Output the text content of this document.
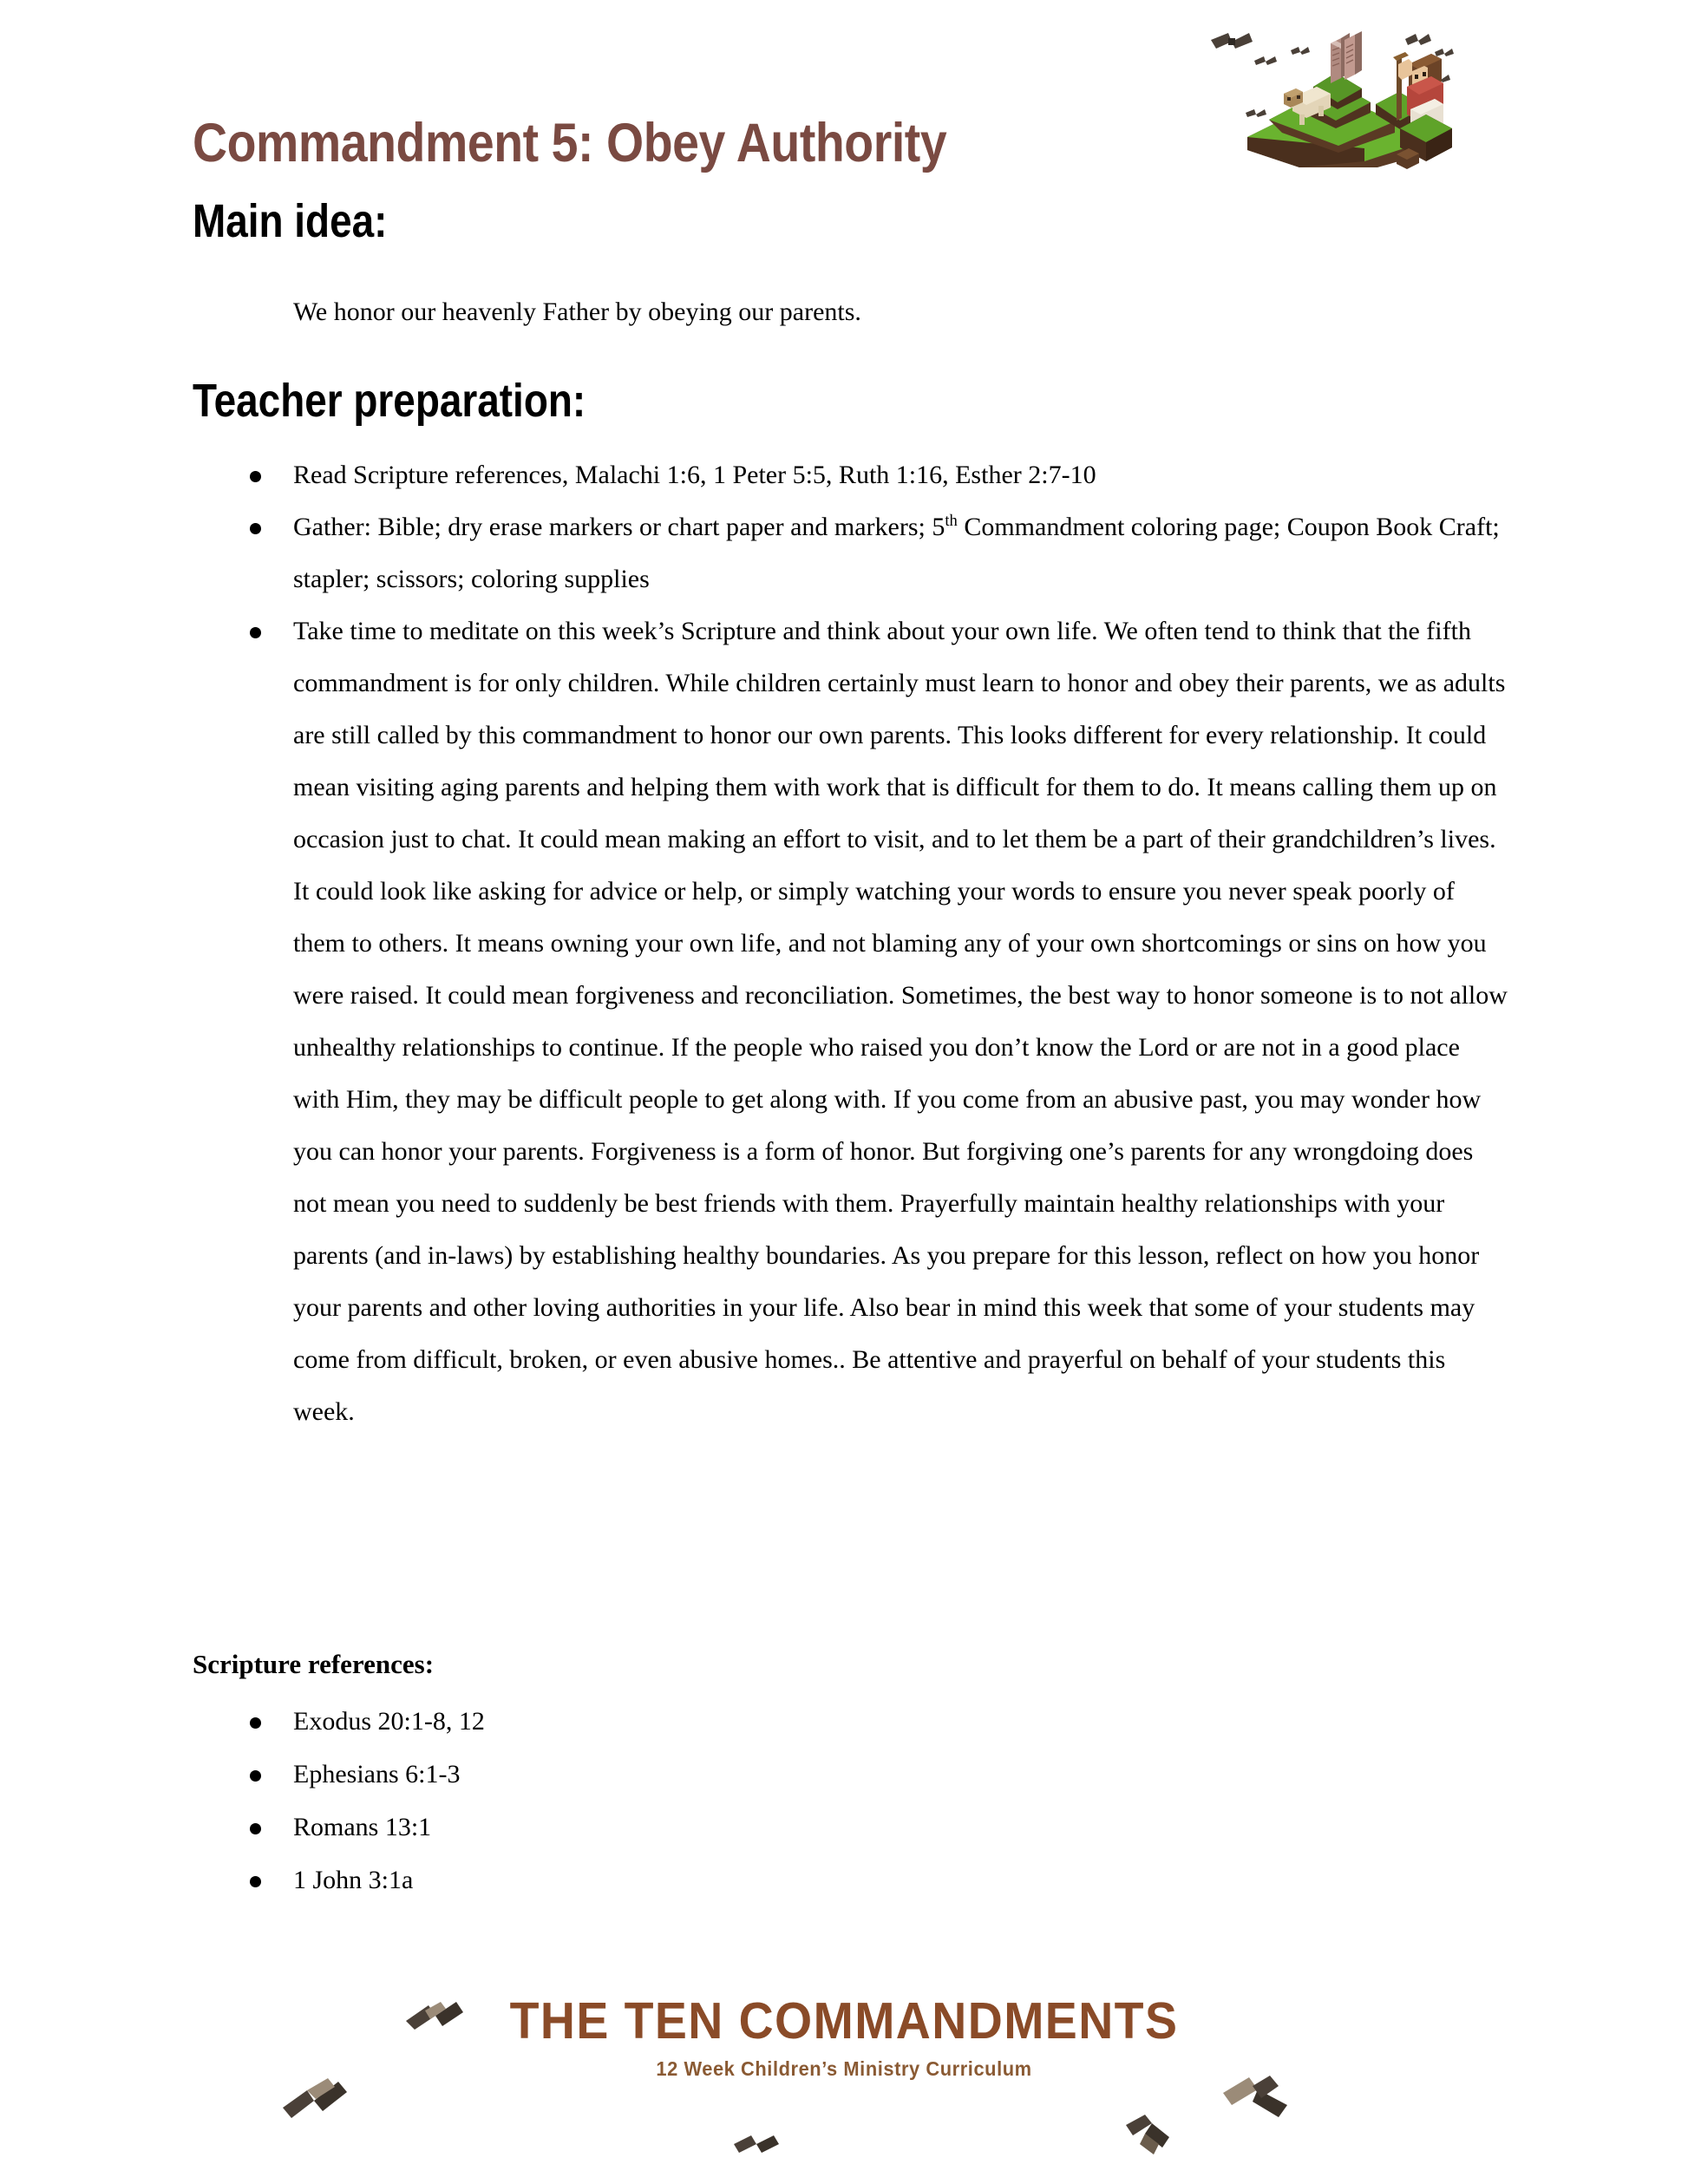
Commandment 5: Obey Authority
Main idea:

We honor our heavenly Father by obeying our parents.

Teacher preparation:
Read Scripture references, Malachi 1:6, 1 Peter 5:5, Ruth 1:16, Esther 2:7-10
Gather: Bible; dry erase markers or chart paper and markers; 5th Commandment coloring page; Coupon Book Craft; stapler; scissors; coloring supplies
Take time to meditate on this week’s Scripture and think about your own life. We often tend to think that the fifth commandment is for only children. While children certainly must learn to honor and obey their parents, we as adults are still called by this commandment to honor our own parents. This looks different for every relationship. It could mean visiting aging parents and helping them with work that is difficult for them to do. It means calling them up on occasion just to chat. It could mean making an effort to visit, and to let them be a part of their grandchildren’s lives. It could look like asking for advice or help, or simply watching your words to ensure you never speak poorly of them to others. It means owning your own life, and not blaming any of your own shortcomings or sins on how you were raised. It could mean forgiveness and reconciliation. Sometimes, the best way to honor someone is to not allow unhealthy relationships to continue. If the people who raised you don’t know the Lord or are not in a good place with Him, they may be difficult people to get along with. If you come from an abusive past, you may wonder how you can honor your parents. Forgiveness is a form of honor. But forgiving one’s parents for any wrongdoing does not mean you need to suddenly be best friends with them. Prayerfully maintain healthy relationships with your parents (and in-laws) by establishing healthy boundaries. As you prepare for this lesson, reflect on how you honor your parents and other loving authorities in your life. Also bear in mind this week that some of your students may come from difficult, broken, or even abusive homes.. Be attentive and prayerful on behalf of your students this week.
Scripture references:
Exodus 20:1-8, 12
Ephesians 6:1-3
Romans 13:1
1 John 3:1a
THE TEN COMMANDMENTS
12 Week Children’s Ministry Curriculum
